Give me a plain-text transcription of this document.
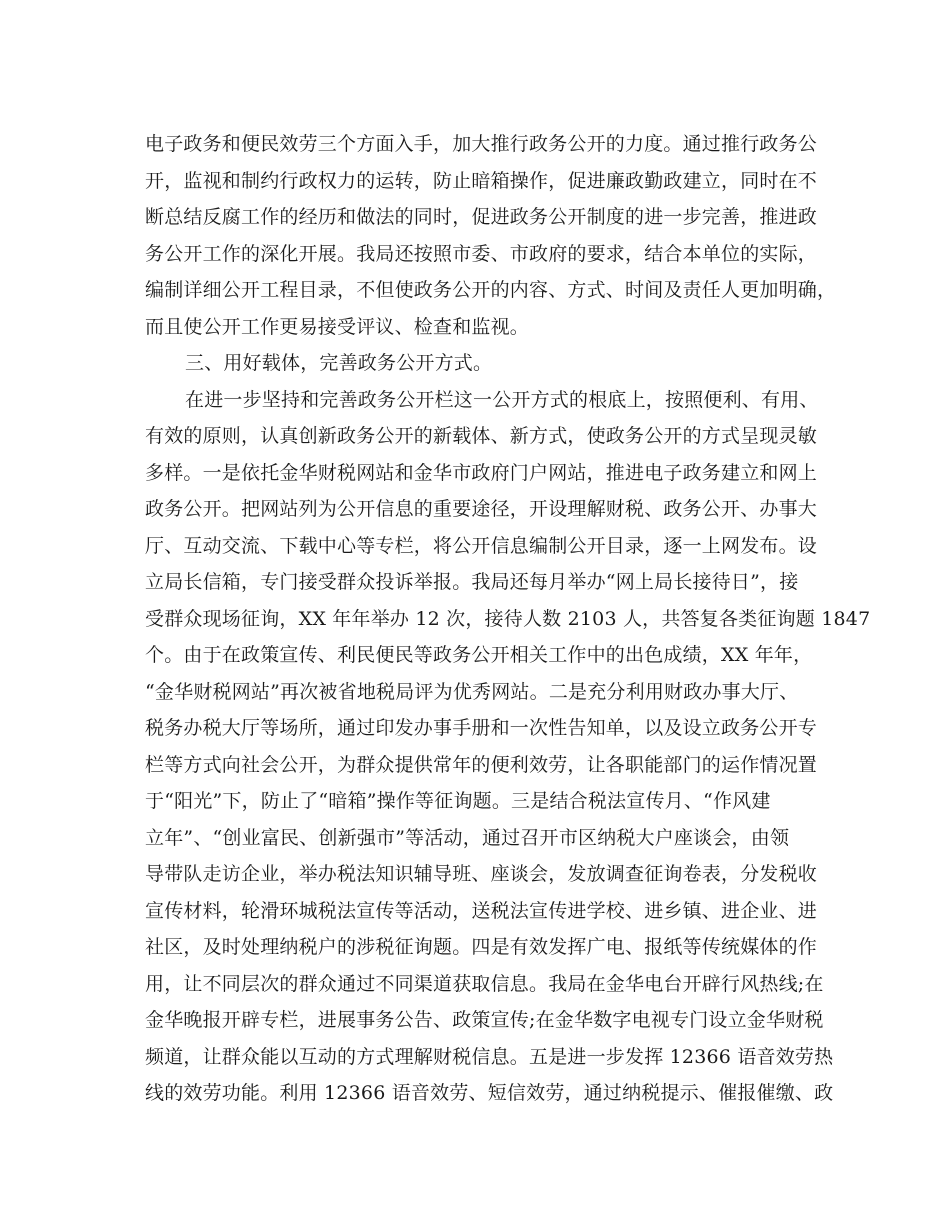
电子政务和便民效劳三个方面入手，加大推行政务公开的力度。通过推行政务公
开，监视和制约行政权力的运转，防止暗箱操作，促进廉政勤政建立，同时在不
断总结反腐工作的经历和做法的同时，促进政务公开制度的进一步完善，推进政
务公开工作的深化开展。我局还按照市委、市政府的要求，结合本单位的实际，
编制详细公开工程目录，不但使政务公开的内容、方式、时间及责任人更加明确，
而且使公开工作更易接受评议、检查和监视。
三、用好载体，完善政务公开方式。
在进一步坚持和完善政务公开栏这一公开方式的根底上，按照便利、有用、
有效的原则，认真创新政务公开的新载体、新方式，使政务公开的方式呈现灵敏
多样。一是依托金华财税网站和金华市政府门户网站，推进电子政务建立和网上
政务公开。把网站列为公开信息的重要途径，开设理解财税、政务公开、办事大
厅、互动交流、下载中心等专栏，将公开信息编制公开目录，逐一上网发布。设
立局长信箱，专门接受群众投诉举报。我局还每月举办“网上局长接待日”，接
受群众现场征询，XX 年年举办 12 次，接待人数 2103 人，共答复各类征询题 1847
个。由于在政策宣传、利民便民等政务公开相关工作中的出色成绩，XX 年年，
“金华财税网站”再次被省地税局评为优秀网站。二是充分利用财政办事大厅、
税务办税大厅等场所，通过印发办事手册和一次性告知单，以及设立政务公开专
栏等方式向社会公开，为群众提供常年的便利效劳，让各职能部门的运作情况置
于“阳光”下，防止了“暗箱”操作等征询题。三是结合税法宣传月、“作风建
立年”、“创业富民、创新强市”等活动，通过召开市区纳税大户座谈会，由领
导带队走访企业，举办税法知识辅导班、座谈会，发放调查征询卷表，分发税收
宣传材料，轮滑环城税法宣传等活动，送税法宣传进学校、进乡镇、进企业、进
社区，及时处理纳税户的涉税征询题。四是有效发挥广电、报纸等传统媒体的作
用，让不同层次的群众通过不同渠道获取信息。我局在金华电台开辟行风热线;在
金华晚报开辟专栏，进展事务公告、政策宣传;在金华数字电视专门设立金华财税
频道，让群众能以互动的方式理解财税信息。五是进一步发挥 12366 语音效劳热
线的效劳功能。利用 12366 语音效劳、短信效劳，通过纳税提示、催报催缴、政
